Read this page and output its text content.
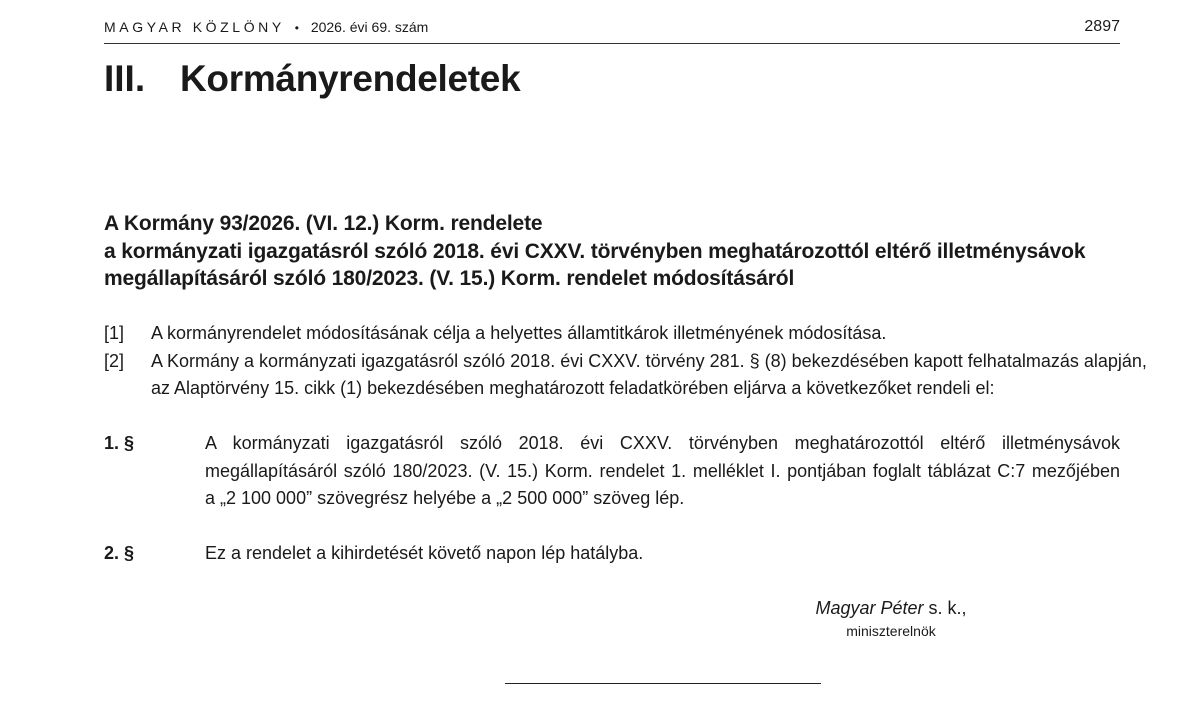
MAGYAR KÖZLÖNY • 2026. évi 69. szám	2897
III. Kormányrendeletek
A Kormány 93/2026. (VI. 12.) Korm. rendelete
a kormányzati igazgatásról szóló 2018. évi CXXV. törvényben meghatározottól eltérő illetménysávok
megállapításáról szóló 180/2023. (V. 15.) Korm. rendelet módosításáról
[1] A kormányrendelet módosításának célja a helyettes államtitkárok illetményének módosítása.
[2] A Kormány a kormányzati igazgatásról szóló 2018. évi CXXV. törvény 281. § (8) bekezdésében kapott felhatalmazás alapján,
az Alaptörvény 15. cikk (1) bekezdésében meghatározott feladatkörében eljárva a következőket rendeli el:
1. §	A kormányzati igazgatásról szóló 2018. évi CXXV. törvényben meghatározottól eltérő illetménysávok
megállapításáról szóló 180/2023. (V. 15.) Korm. rendelet 1. melléklet I. pontjában foglalt táblázat C:7 mezőjében
a „2 100 000” szövegrész helyébe a „2 500 000” szöveg lép.
2. §	Ez a rendelet a kihirdetését követő napon lép hatályba.
Magyar Péter s. k.,
miniszterelnök
